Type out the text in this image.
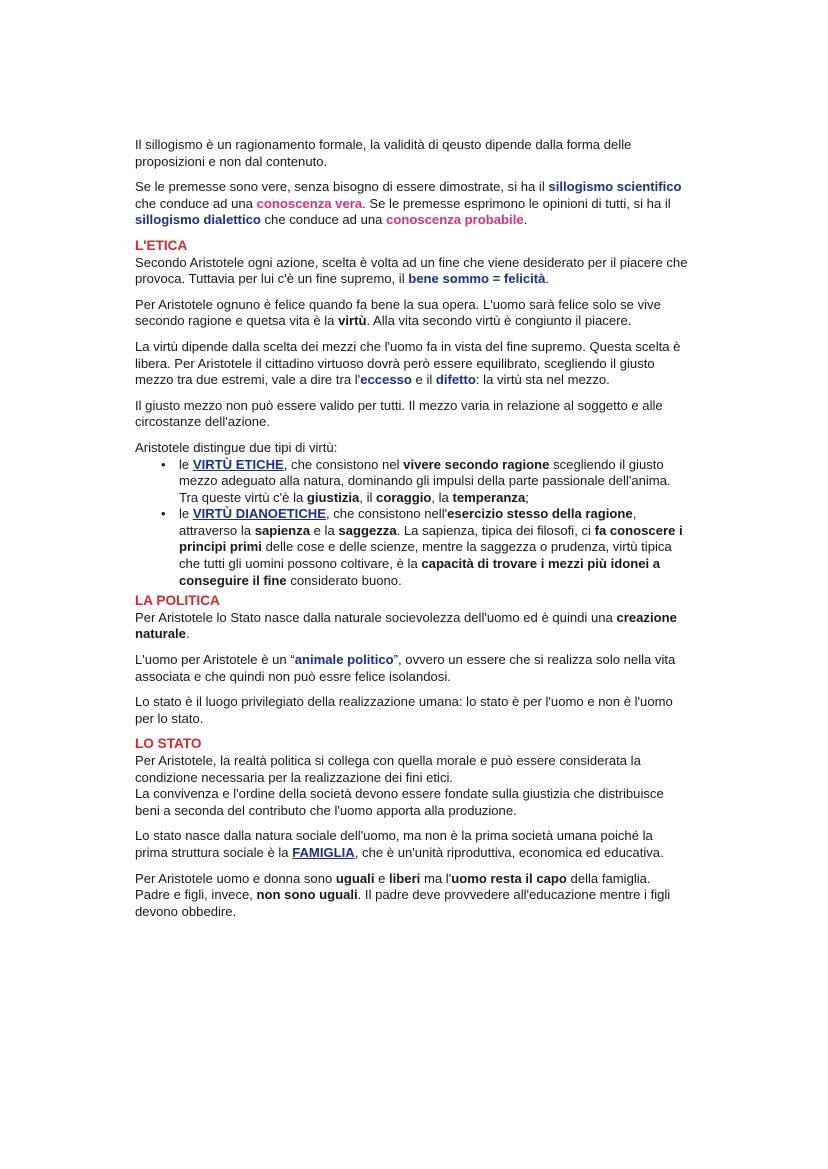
Il sillogismo è un ragionamento formale, la validità di qeusto dipende dalla forma delle proposizioni e non dal contenuto.

Se le premesse sono vere, senza bisogno di essere dimostrate, si ha il sillogismo scientifico che conduce ad una conoscenza vera. Se le premesse esprimono le opinioni di tutti, si ha il sillogismo dialettico che conduce ad una conoscenza probabile.

L'ETICA

Secondo Aristotele ogni azione, scelta è volta ad un fine che viene desiderato per il piacere che provoca. Tuttavia per lui c'è un fine supremo, il bene sommo = felicità.

Per Aristotele ognuno è felice quando fa bene la sua opera. L'uomo sarà felice solo se vive secondo ragione e quetsa vita è la virtù. Alla vita secondo virtù è congiunto il piacere.

La virtù dipende dalla scelta dei mezzi che l'uomo fa in vista del fine supremo. Questa scelta è libera. Per Aristotele il cittadino virtuoso dovrà però essere equilibrato, scegliendo il giusto mezzo tra due estremi, vale a dire tra l'eccesso e il difetto: la virtù sta nel mezzo.

Il giusto mezzo non può essere valido per tutti. Il mezzo varia in relazione al soggetto e alle circostanze dell'azione.

Aristotele distingue due tipi di virtù:

• le VIRTÙ ETICHE, che consistono nel vivere secondo ragione scegliendo il giusto mezzo adeguato alla natura, dominando gli impulsi della parte passionale dell'anima. Tra queste virtù c'è la giustizia, il coraggio, la temperanza;
• le VIRTÙ DIANOETICHE, che consistono nell'esercizio stesso della ragione, attraverso la sapienza e la saggezza. La sapienza, tipica dei filosofi, ci fa conoscere i principi primi delle cose e delle scienze, mentre la saggezza o prudenza, virtù tipica che tutti gli uomini possono coltivare, è la capacità di trovare i mezzi più idonei a conseguire il fine considerato buono.
LA POLITICA

Per Aristotele lo Stato nasce dalla naturale socievolezza dell'uomo ed è quindi una creazione naturale.

L'uomo per Aristotele è un “animale politico”, ovvero un essere che si realizza solo nella vita associata e che quindi non può essre felice isolandosi.

Lo stato è il luogo privilegiato della realizzazione umana: lo stato è per l'uomo e non è l'uomo per lo stato.

LO STATO

Per Aristotele, la realtà politica si collega con quella morale e può essere considerata la condizione necessaria per la realizzazione dei fini etici.
La convivenza e l'ordine della società devono essere fondate sulla giustizia che distribuisce beni a seconda del contributo che l'uomo apporta alla produzione.

Lo stato nasce dalla natura sociale dell'uomo, ma non è la prima società umana poiché la prima struttura sociale è la FAMIGLIA, che è un'unità riproduttiva, economica ed educativa.

Per Aristotele uomo e donna sono uguali e liberi ma l'uomo resta il capo della famiglia. Padre e figli, invece, non sono uguali. Il padre deve provvedere all'educazione mentre i figli devono obbedire.
